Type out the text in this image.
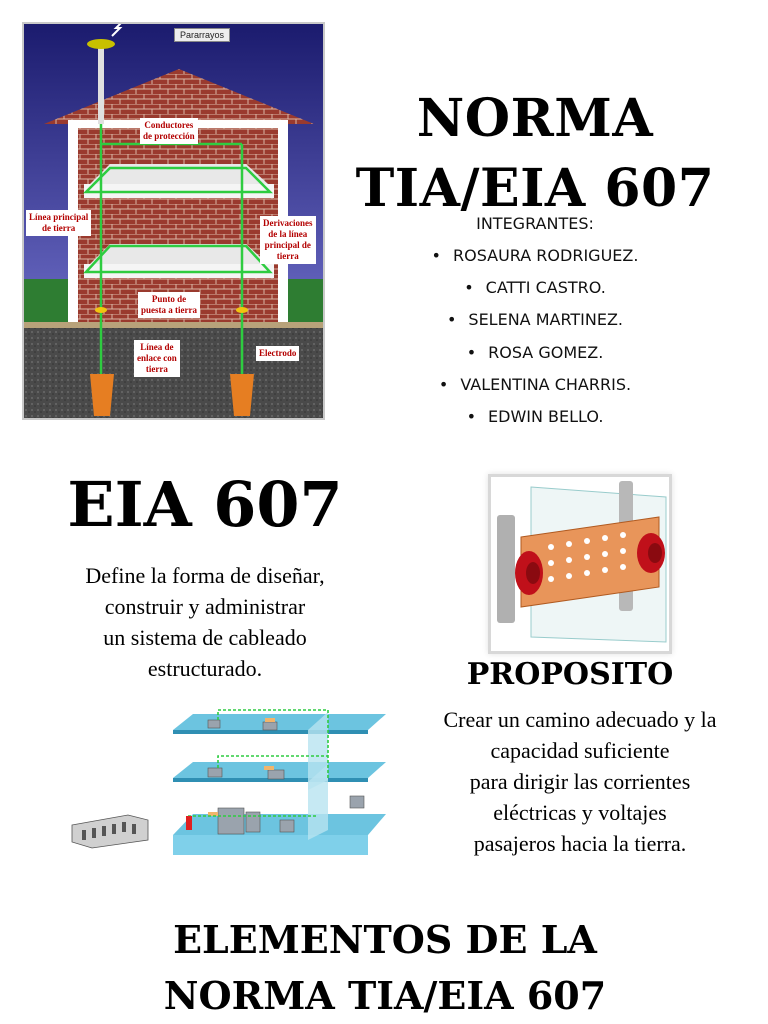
Pararrayos
Conductores
de protección
Línea principal
de tierra	Derivaciones
de la línea
principal de
tierra
Punto de
puesta a tierra
Línea de
enlace con
tierra
Electrodo
NORMA
TIA/EIA 607
INTEGRANTES:
• ROSAURA RODRIGUEZ.
• CATTI CASTRO.
• SELENA MARTINEZ.
• ROSA GOMEZ.
• VALENTINA CHARRIS.
• EDWIN BELLO.
EIA 607
Define la forma de diseñar,
construir y administrar
un sistema de cableado
estructurado.	PROPOSITO
Crear un camino adecuado y la
capacidad suficiente
para dirigir las corrientes
eléctricas y voltajes
pasajeros hacia la tierra.
ELEMENTOS DE LA
NORMA TIA/EIA 607
